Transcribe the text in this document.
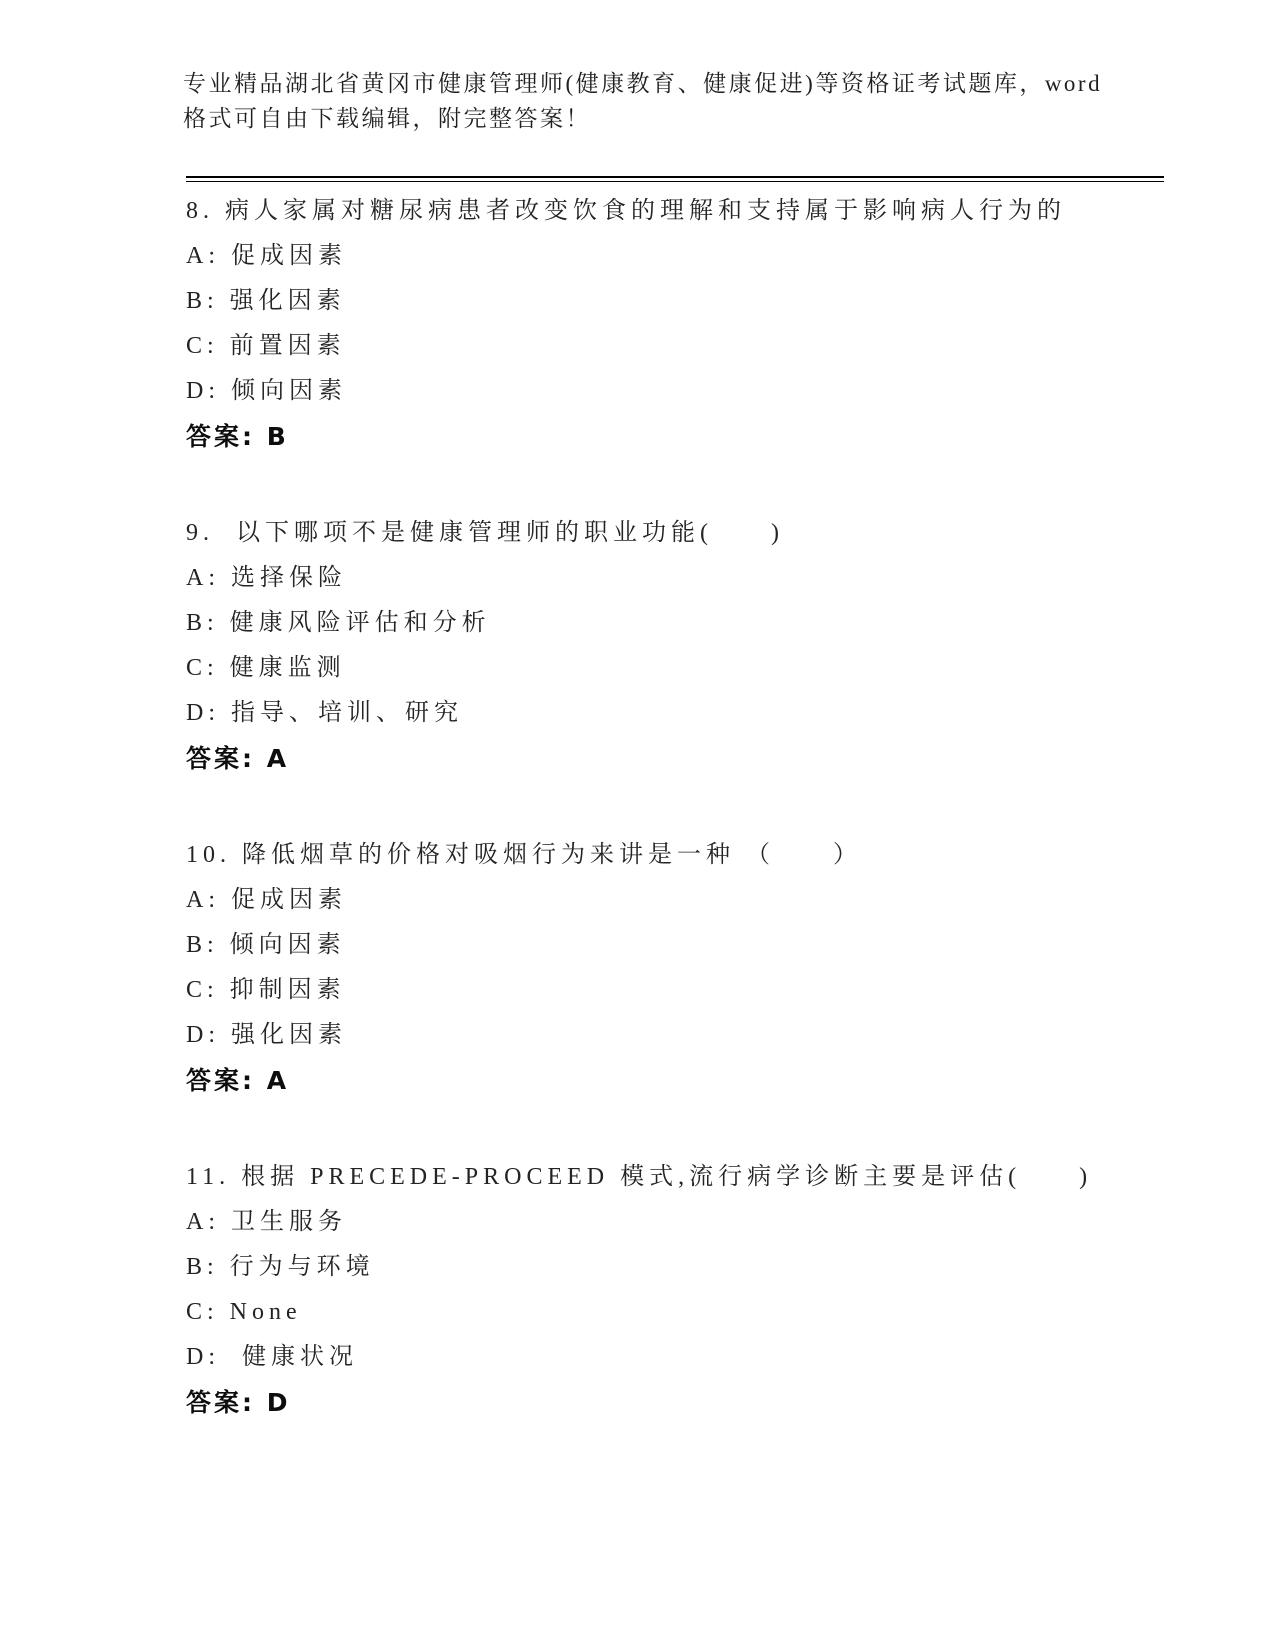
专业精品湖北省黄冈市健康管理师(健康教育、健康促进)等资格证考试题库，word
格式可自由下载编辑，附完整答案！
8. 病人家属对糖尿病患者改变饮食的理解和支持属于影响病人行为的
A: 促成因素
B: 强化因素
C: 前置因素
D: 倾向因素
答案: B
9.  以下哪项不是健康管理师的职业功能(　　)
A: 选择保险
B: 健康风险评估和分析
C: 健康监测
D: 指导、培训、研究
答案: A
10. 降低烟草的价格对吸烟行为来讲是一种 （　　）
A: 促成因素
B: 倾向因素
C: 抑制因素
D: 强化因素
答案: A
11. 根据 PRECEDE-PROCEED 模式,流行病学诊断主要是评估(　　)
A: 卫生服务
B: 行为与环境
C: None
D:  健康状况
答案: D
